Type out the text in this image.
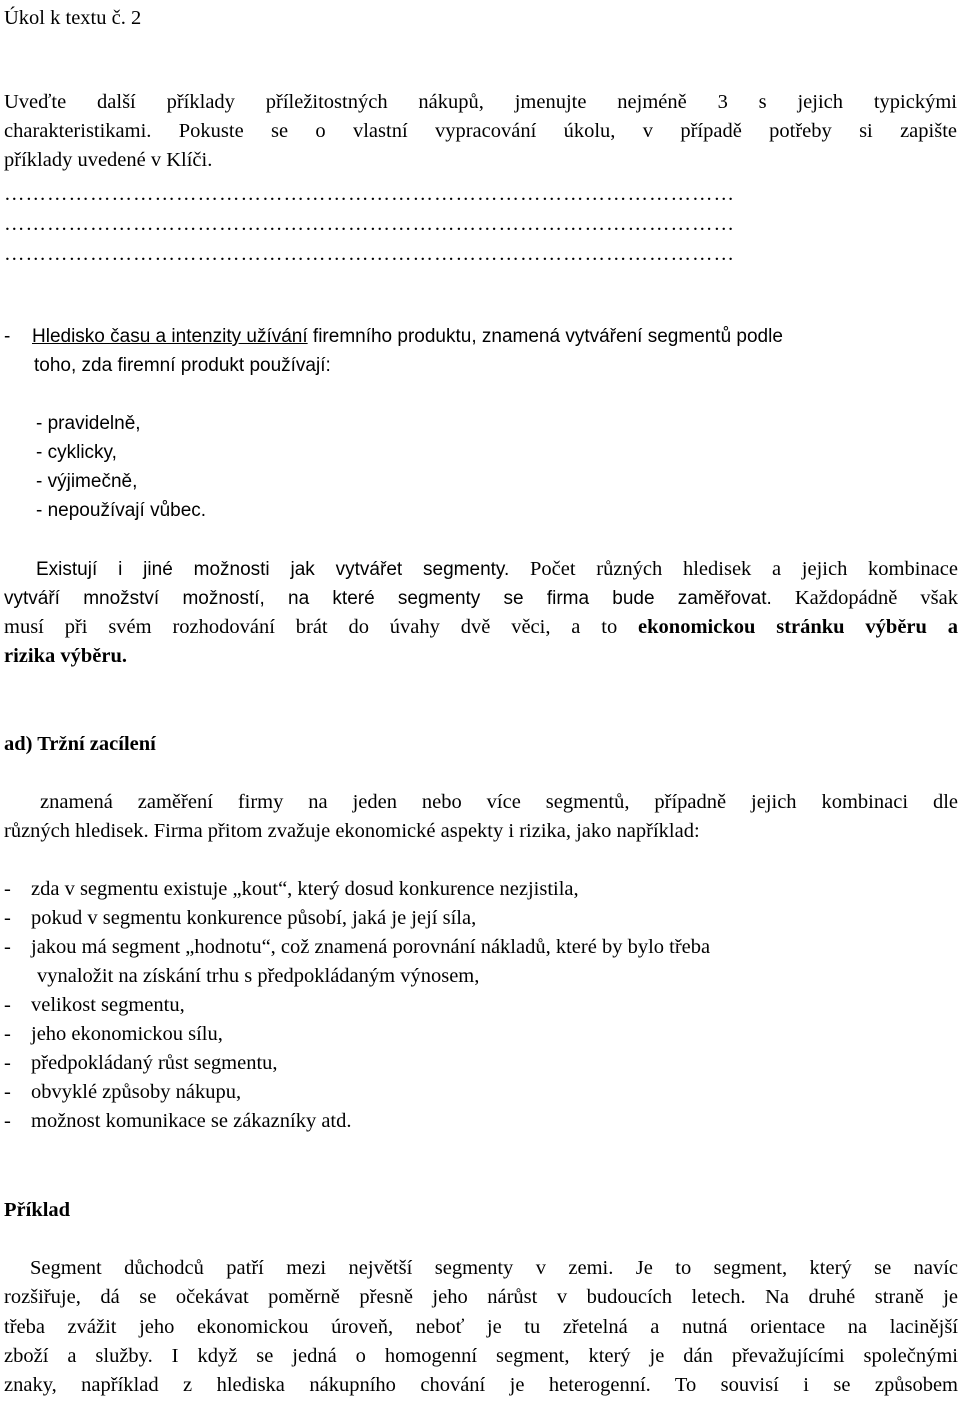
Úkol k textu č. 2
Uveďte další příklady příležitostných nákupů, jmenujte nejméně 3 s jejich typickými
charakteristikami. Pokuste se o vlastní vypracování úkolu, v případě potřeby si zapište
příklady uvedené v Klíči.
…………………………………………………………………………………………
…………………………………………………………………………………………
…………………………………………………………………………………………
- Hledisko času a intenzity užívání firemního produktu, znamená vytváření segmentů podle
toho, zda firemní produkt používají:
- pravidelně,
- cyklicky,
- výjimečně,
- nepoužívají vůbec.
Existují i jiné možnosti jak vytvářet segmenty. Počet různých hledisek a jejich kombinace
vytváří množství možností, na které segmenty se firma bude zaměřovat. Každopádně však
musí při svém rozhodování brát do úvahy dvě věci, a to ekonomickou stránku výběru a
rizika výběru.
ad) Tržní zacílení
znamená zaměření firmy na jeden nebo více segmentů, případně jejich kombinaci dle
různých hledisek. Firma přitom zvažuje ekonomické aspekty i rizika, jako například:
- zda v segmentu existuje „kout“, který dosud konkurence nezjistila,
- pokud v segmentu konkurence působí, jaká je její síla,
- jakou má segment „hodnotu“, což znamená porovnání nákladů, které by bylo třeba
vynaložit na získání trhu s předpokládaným výnosem,
- velikost segmentu,
- jeho ekonomickou sílu,
- předpokládaný růst segmentu,
- obvyklé způsoby nákupu,
- možnost komunikace se zákazníky atd.
Příklad
Segment důchodců patří mezi největší segmenty v zemi. Je to segment, který se navíc
rozšiřuje, dá se očekávat poměrně přesně jeho nárůst v budoucích letech. Na druhé straně je
třeba zvážit jeho ekonomickou úroveň, neboť je tu zřetelná a nutná orientace na lacinější
zboží a služby. I když se jedná o homogenní segment, který je dán převažujícími společnými
znaky, například z hlediska nákupního chování je heterogenní. To souvisí i se způsobem
